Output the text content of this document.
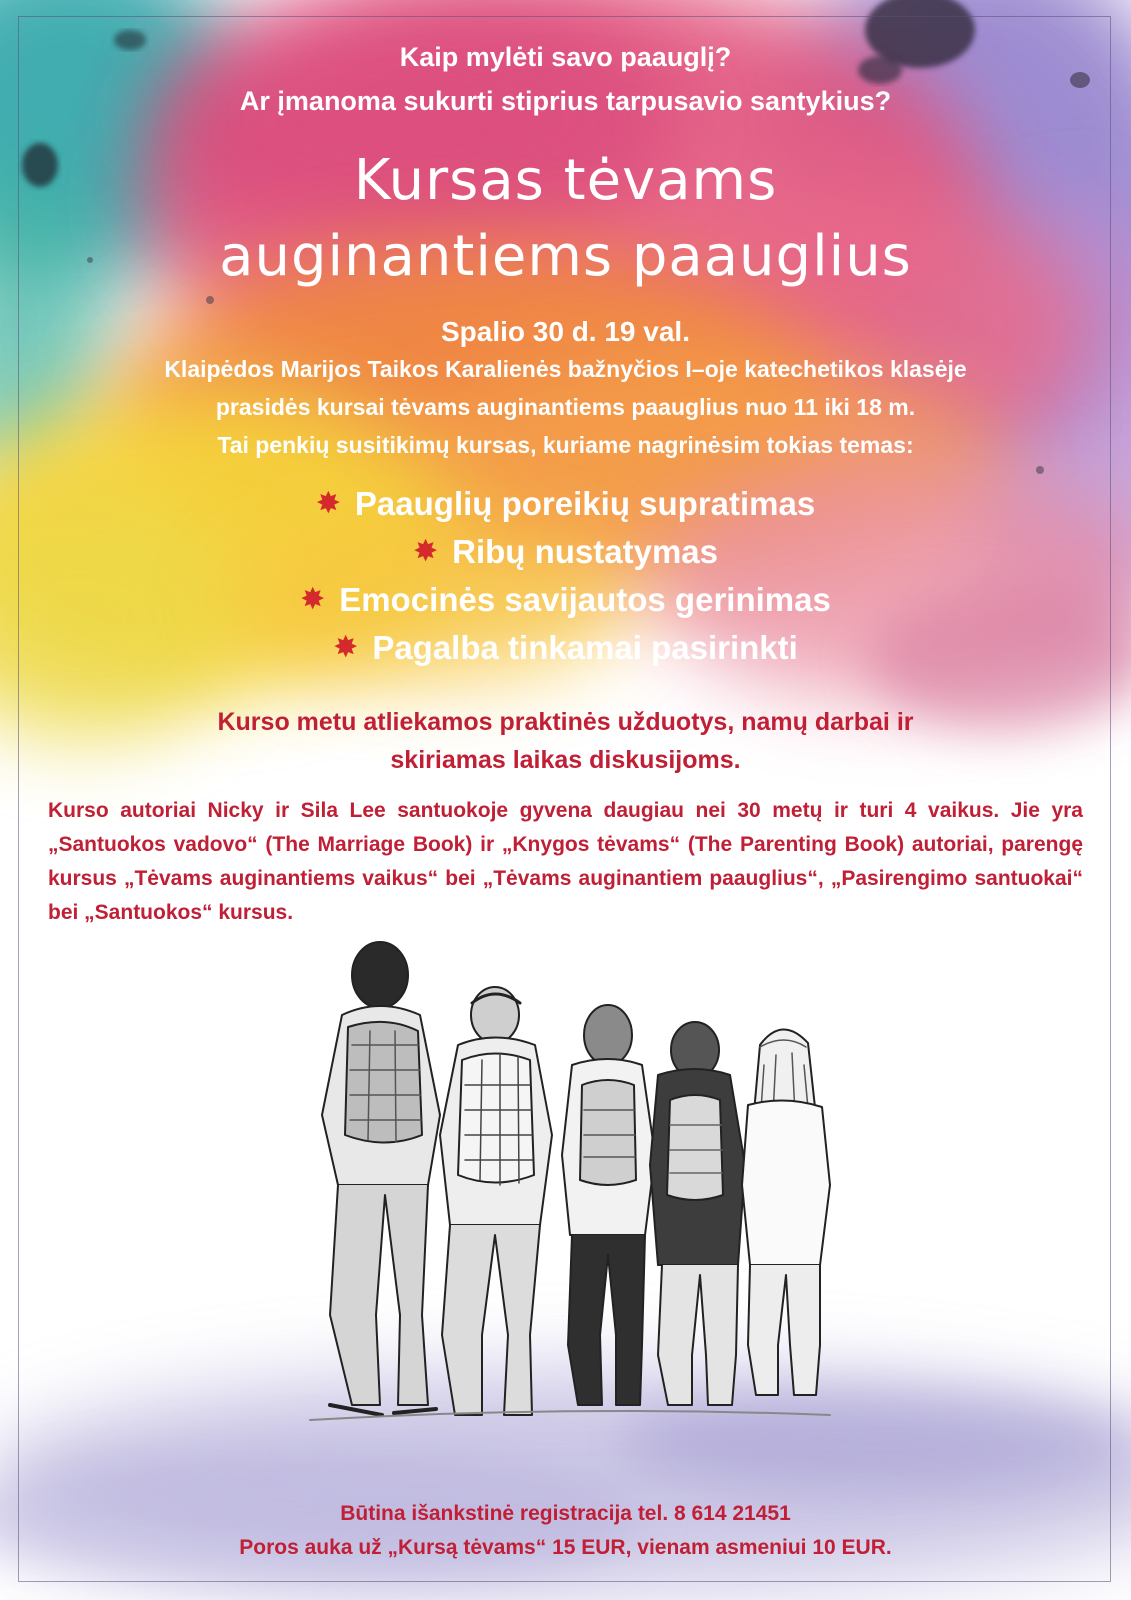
Kaip mylėti savo paauglį?
Ar įmanoma sukurti stiprius tarpusavio santykius?
Kursas tėvams
auginantiems paauglius
Spalio 30 d. 19 val.
Klaipėdos Marijos Taikos Karalienės bažnyčios I–oje katechetikos klasėje
prasidės kursai tėvams auginantiems paauglius nuo 11 iki 18 m.
Tai penkių susitikimų kursas, kuriame nagrinėsim tokias temas:
✸ Paauglių poreikių supratimas
✸ Ribų nustatymas
✸ Emocinės savijautos gerinimas
✸ Pagalba tinkamai pasirinkti
Kurso metu atliekamos praktinės užduotys, namų darbai ir
skiriamas laikas diskusijoms.
Kurso autoriai Nicky ir Sila Lee santuokoje gyvena daugiau nei 30 metų ir turi 4 vaikus. Jie yra „Santuokos vadovo“ (The Marriage Book) ir „Knygos tėvams“ (The Parenting Book) autoriai, parengę kursus „Tėvams auginantiems vaikus“ bei „Tėvams auginantiem paauglius“, „Pasirengimo santuokai“ bei „Santuokos“ kursus.
Būtina išankstinė registracija tel. 8 614 21451
Poros auka už „Kursą tėvams“ 15 EUR, vienam asmeniui 10 EUR.
